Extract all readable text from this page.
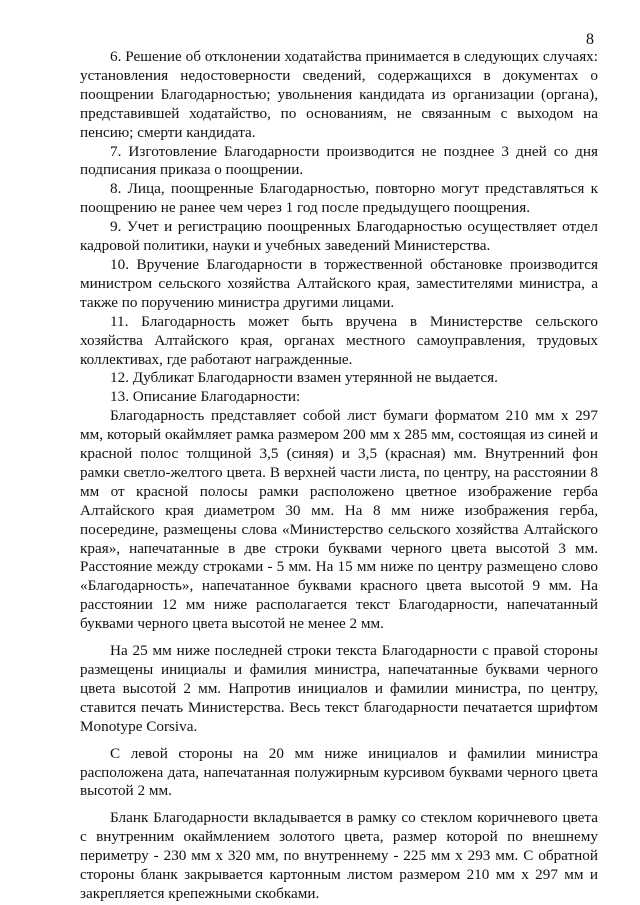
8

6. Решение об отклонении ходатайства принимается в следующих случаях: установления недостоверности сведений, содержащихся в документах о поощрении Благодарностью; увольнения кандидата из организации (органа), представившей ходатайство, по основаниям, не связанным с выходом на пенсию; смерти кандидата.

7. Изготовление Благодарности производится не позднее 3 дней со дня подписания приказа о поощрении.

8. Лица, поощренные Благодарностью, повторно могут представляться к поощрению не ранее чем через 1 год после предыдущего поощрения.

9. Учет и регистрацию поощренных Благодарностью осуществляет отдел кадровой политики, науки и учебных заведений Министерства.

10. Вручение Благодарности в торжественной обстановке производится министром сельского хозяйства Алтайского края, заместителями министра, а также по поручению министра другими лицами.

11. Благодарность может быть вручена в Министерстве сельского хозяйства Алтайского края, органах местного самоуправления, трудовых коллективах, где работают награжденные.

12. Дубликат Благодарности взамен утерянной не выдается.

13. Описание Благодарности:

Благодарность представляет собой лист бумаги форматом 210 мм х 297 мм, который окаймляет рамка размером 200 мм х 285 мм, состоящая из синей и красной полос толщиной 3,5 (синяя) и 3,5 (красная) мм. Внутренний фон рамки светло-желтого цвета. В верхней части листа, по центру, на расстоянии 8 мм от красной полосы рамки расположено цветное изображение герба Алтайского края диаметром 30 мм. На 8 мм ниже изображения герба, посередине, размещены слова «Министерство сельского хозяйства Алтайского края», напечатанные в две строки буквами черного цвета высотой 3 мм. Расстояние между строками - 5 мм. На 15 мм ниже по центру размещено слово «Благодарность», напечатанное буквами красного цвета высотой 9 мм. На расстоянии 12 мм ниже располагается текст Благодарности, напечатанный буквами черного цвета высотой не менее 2 мм.

На 25 мм ниже последней строки текста Благодарности с правой стороны размещены инициалы и фамилия министра, напечатанные буквами черного цвета высотой 2 мм. Напротив инициалов и фамилии министра, по центру, ставится печать Министерства. Весь текст благодарности печатается шрифтом Monotype Corsiva.

С левой стороны на 20 мм ниже инициалов и фамилии министра расположена дата, напечатанная полужирным курсивом буквами черного цвета высотой 2 мм.

Бланк Благодарности вкладывается в рамку со стеклом коричневого цвета с внутренним окаймлением золотого цвета, размер которой по внешнему периметру - 230 мм х 320 мм, по внутреннему - 225 мм х 293 мм. С обратной стороны бланк закрывается картонным листом размером 210 мм х 297 мм и закрепляется крепежными скобками.
